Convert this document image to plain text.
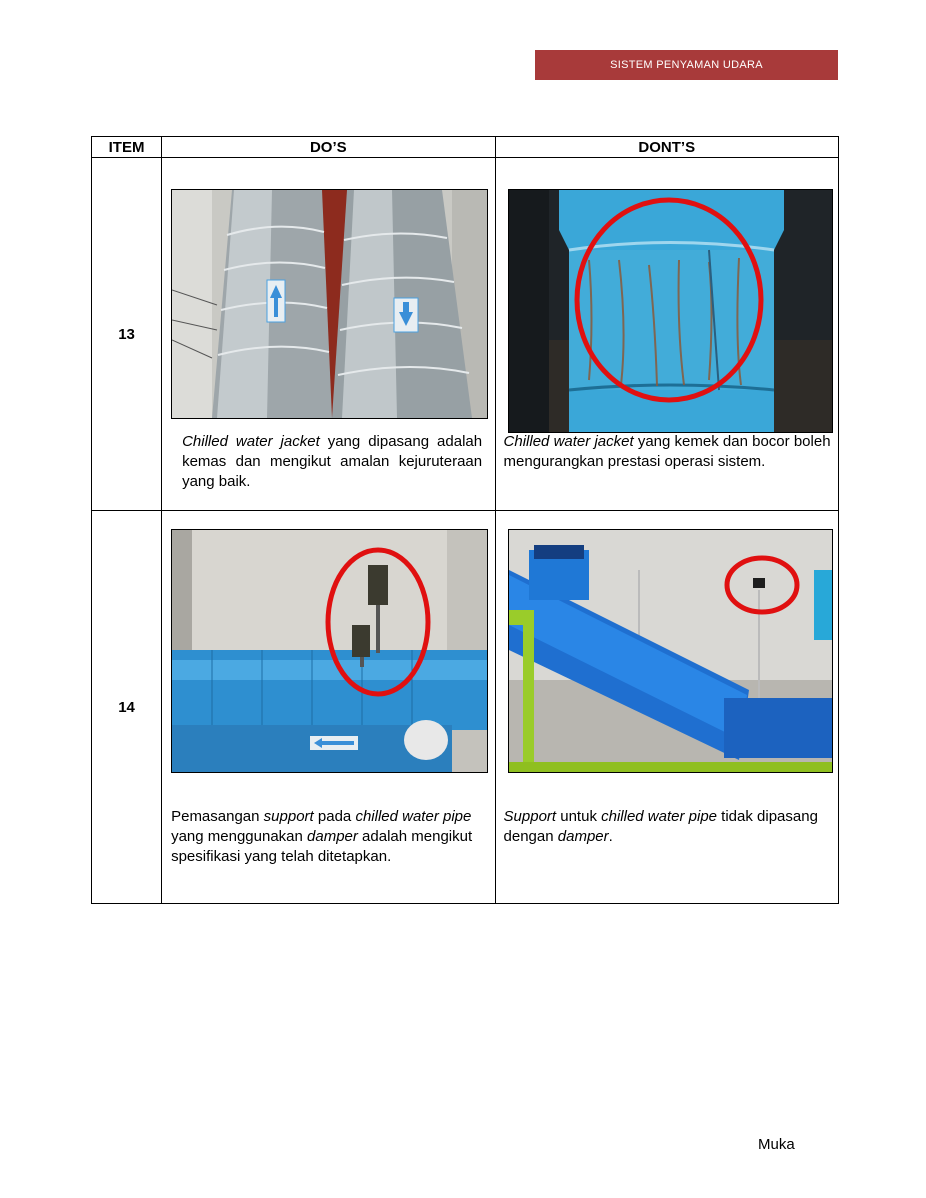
SISTEM PENYAMAN UDARA
ITEM	DO’S	DONT’S
13	Chilled water jacket yang dipasang adalah kemas dan mengikut amalan kejuruteraan yang baik.	Chilled water jacket yang kemek dan bocor boleh mengurangkan prestasi operasi sistem.

14	Pemasangan support pada chilled water pipe yang menggunakan damper adalah mengikut spesifikasi yang telah ditetapkan.	Support untuk chilled water pipe tidak dipasang dengan damper.
Muka
